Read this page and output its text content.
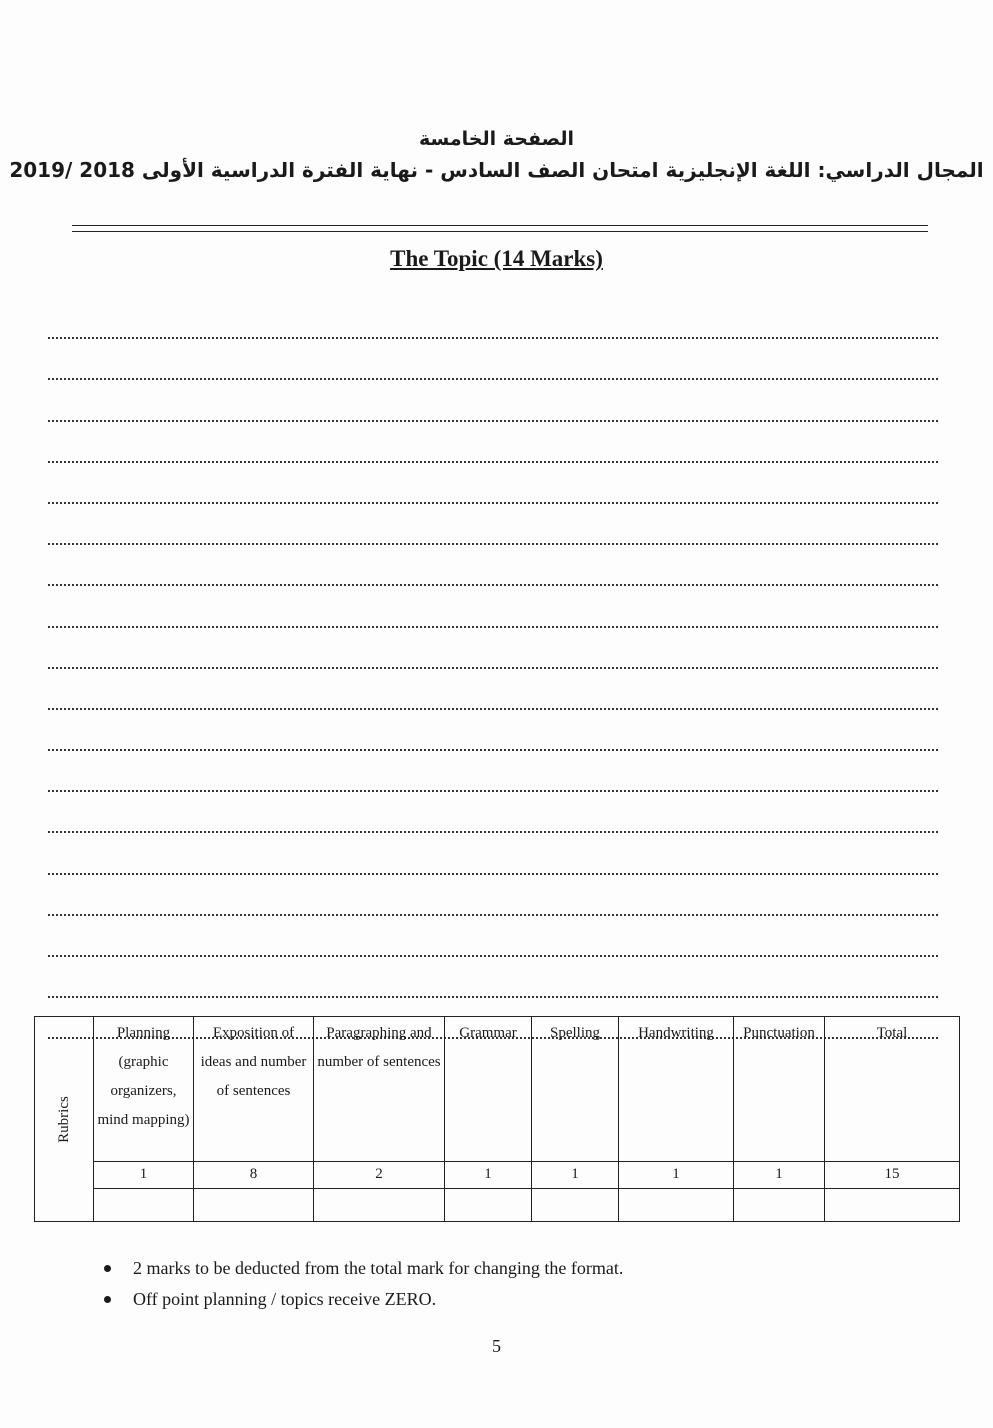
الصفحة الخامسة
المجال الدراسي: اللغة الإنجليزية امتحان الصف السادس - نهاية الفترة الدراسية الأولى 2018 /2019
The Topic (14 Marks)
Rubrics	Planning (graphic organizers, mind mapping)	Exposition of ideas and number of sentences	Paragraphing and number of sentences	Grammar	Spelling	Handwriting	Punctuation	Total
	1	8	2	1	1	1	1	15

2 marks to be deducted from the total mark for changing the format.
Off point planning / topics receive ZERO.
5
